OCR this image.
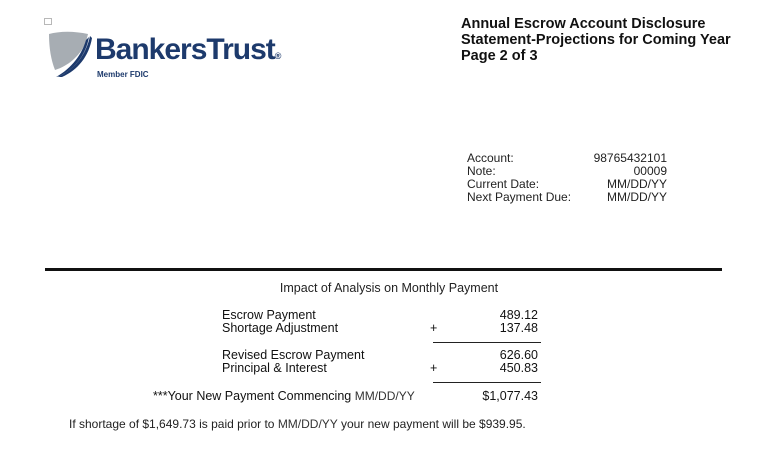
BankersTrust®
Member FDIC
Annual Escrow Account Disclosure
Statement-Projections for Coming Year
Page 2 of 3
Account:	98765432101
Note:	00009
Current Date:	MM/DD/YY
Next Payment Due:	MM/DD/YY
Impact of Analysis on Monthly Payment
Escrow Payment	489.12
Shortage Adjustment	+	137.48
Revised Escrow Payment	626.60
Principal & Interest	+	450.83
***Your New Payment Commencing MM/DD/YY	$1,077.43
If shortage of $1,649.73 is paid prior to MM/DD/YY your new payment will be $939.95.
